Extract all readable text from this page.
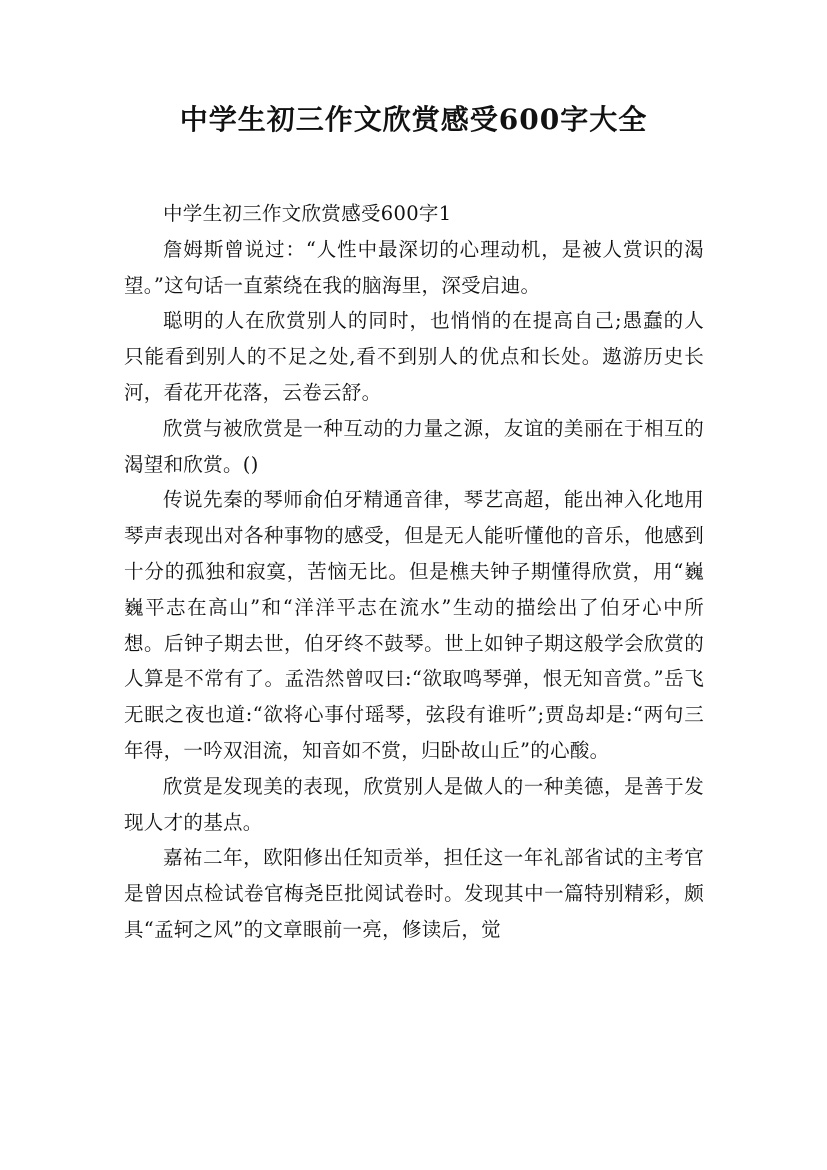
中学生初三作文欣赏感受600字大全

中学生初三作文欣赏感受600字1

詹姆斯曾说过：“人性中最深切的心理动机，是被人赏识的渴望。”这句话一直萦绕在我的脑海里，深受启迪。

聪明的人在欣赏别人的同时，也悄悄的在提高自己;愚蠢的人只能看到别人的不足之处,看不到别人的优点和长处。遨游历史长河，看花开花落，云卷云舒。

欣赏与被欣赏是一种互动的力量之源，友谊的美丽在于相互的渴望和欣赏。()

传说先秦的琴师俞伯牙精通音律，琴艺高超，能出神入化地用琴声表现出对各种事物的感受，但是无人能听懂他的音乐，他感到十分的孤独和寂寞，苦恼无比。但是樵夫钟子期懂得欣赏，用“巍巍平志在高山”和“洋洋平志在流水”生动的描绘出了伯牙心中所想。后钟子期去世，伯牙终不鼓琴。世上如钟子期这般学会欣赏的人算是不常有了。孟浩然曾叹曰:“欲取鸣琴弹，恨无知音赏。”岳飞无眠之夜也道:“欲将心事付瑶琴，弦段有谁听”;贾岛却是:“两句三年得，一吟双泪流，知音如不赏，归卧故山丘”的心酸。

欣赏是发现美的表现，欣赏别人是做人的一种美德，是善于发现人才的基点。

嘉祐二年，欧阳修出任知贡举，担任这一年礼部省试的主考官是曾因点检试卷官梅尧臣批阅试卷时。发现其中一篇特别精彩，颇具“孟轲之风”的文章眼前一亮，修读后，觉
